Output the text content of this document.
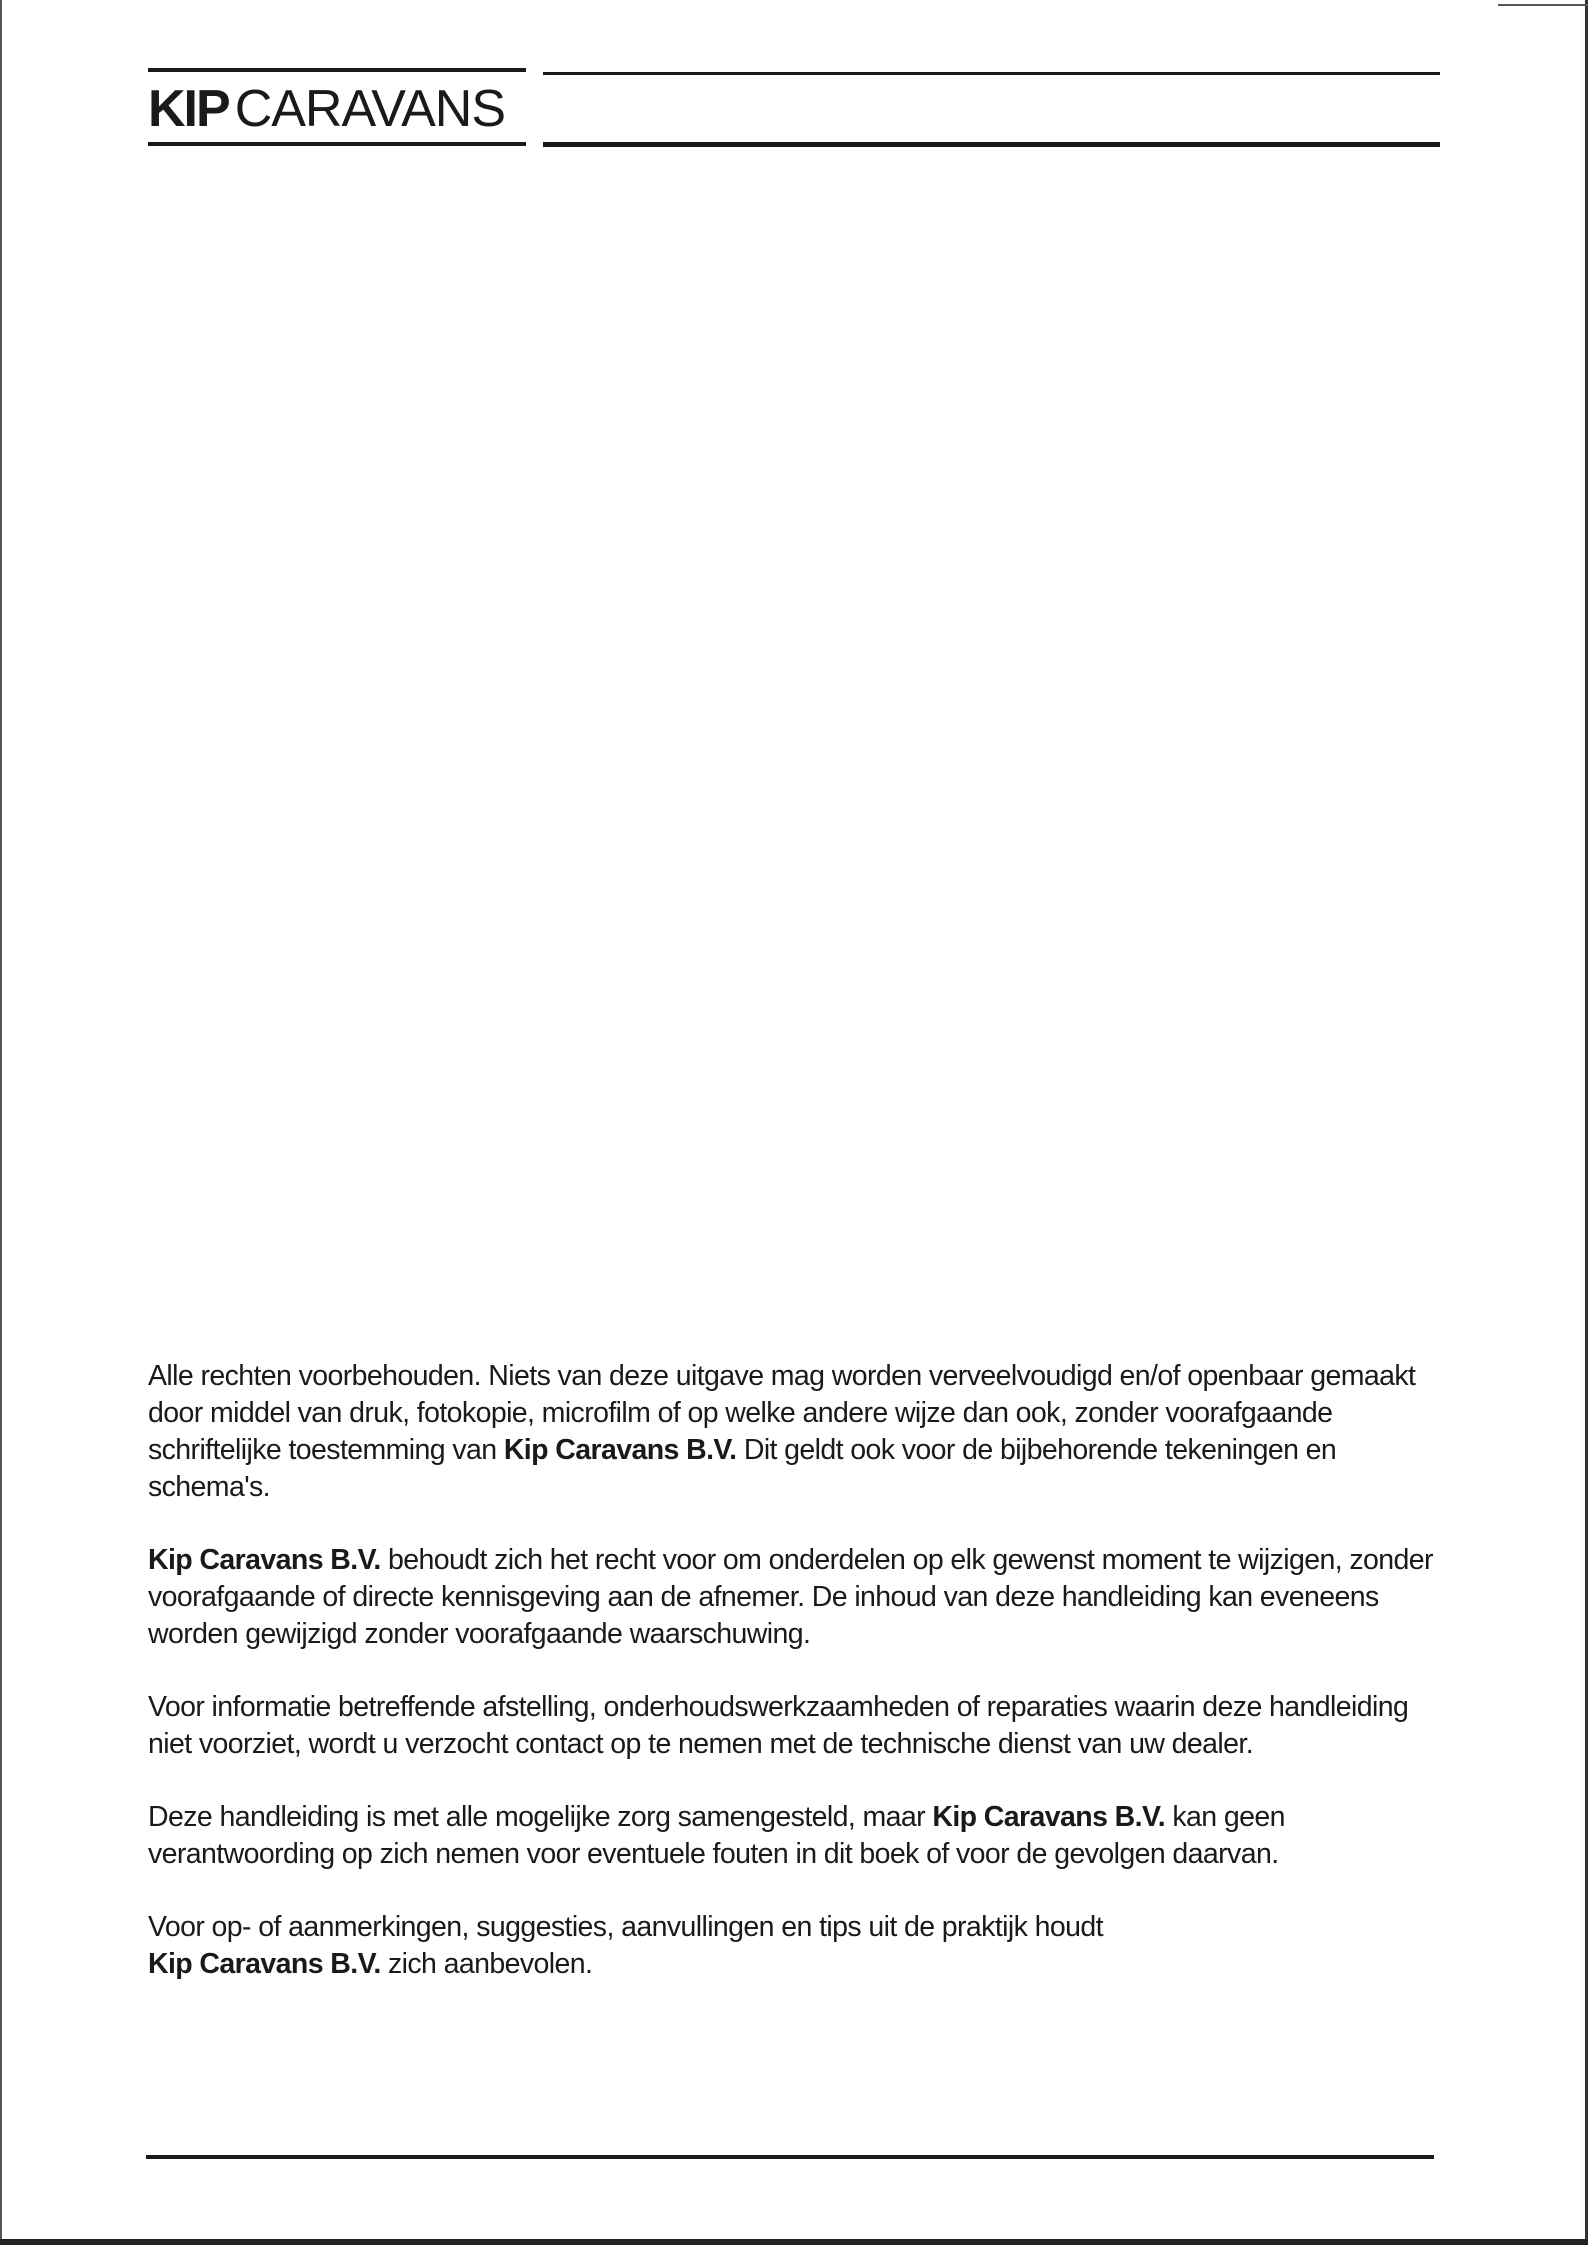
KIP CARAVANS

Alle rechten voorbehouden. Niets van deze uitgave mag worden verveelvoudigd en/of openbaar gemaakt door middel van druk, fotokopie, microfilm of op welke andere wijze dan ook, zonder voorafgaande schriftelijke toestemming van Kip Caravans B.V. Dit geldt ook voor de bijbehorende tekeningen en schema's.

Kip Caravans B.V. behoudt zich het recht voor om onderdelen op elk gewenst moment te wijzigen, zonder voorafgaande of directe kennisgeving aan de afnemer. De inhoud van deze handleiding kan eveneens worden gewijzigd zonder voorafgaande waarschuwing.

Voor informatie betreffende afstelling, onderhoudswerkzaamheden of reparaties waarin deze handleiding niet voorziet, wordt u verzocht contact op te nemen met de technische dienst van uw dealer.

Deze handleiding is met alle mogelijke zorg samengesteld, maar Kip Caravans B.V. kan geen verantwoording op zich nemen voor eventuele fouten in dit boek of voor de gevolgen daarvan.

Voor op- of aanmerkingen, suggesties, aanvullingen en tips uit de praktijk houdt
Kip Caravans B.V. zich aanbevolen.
